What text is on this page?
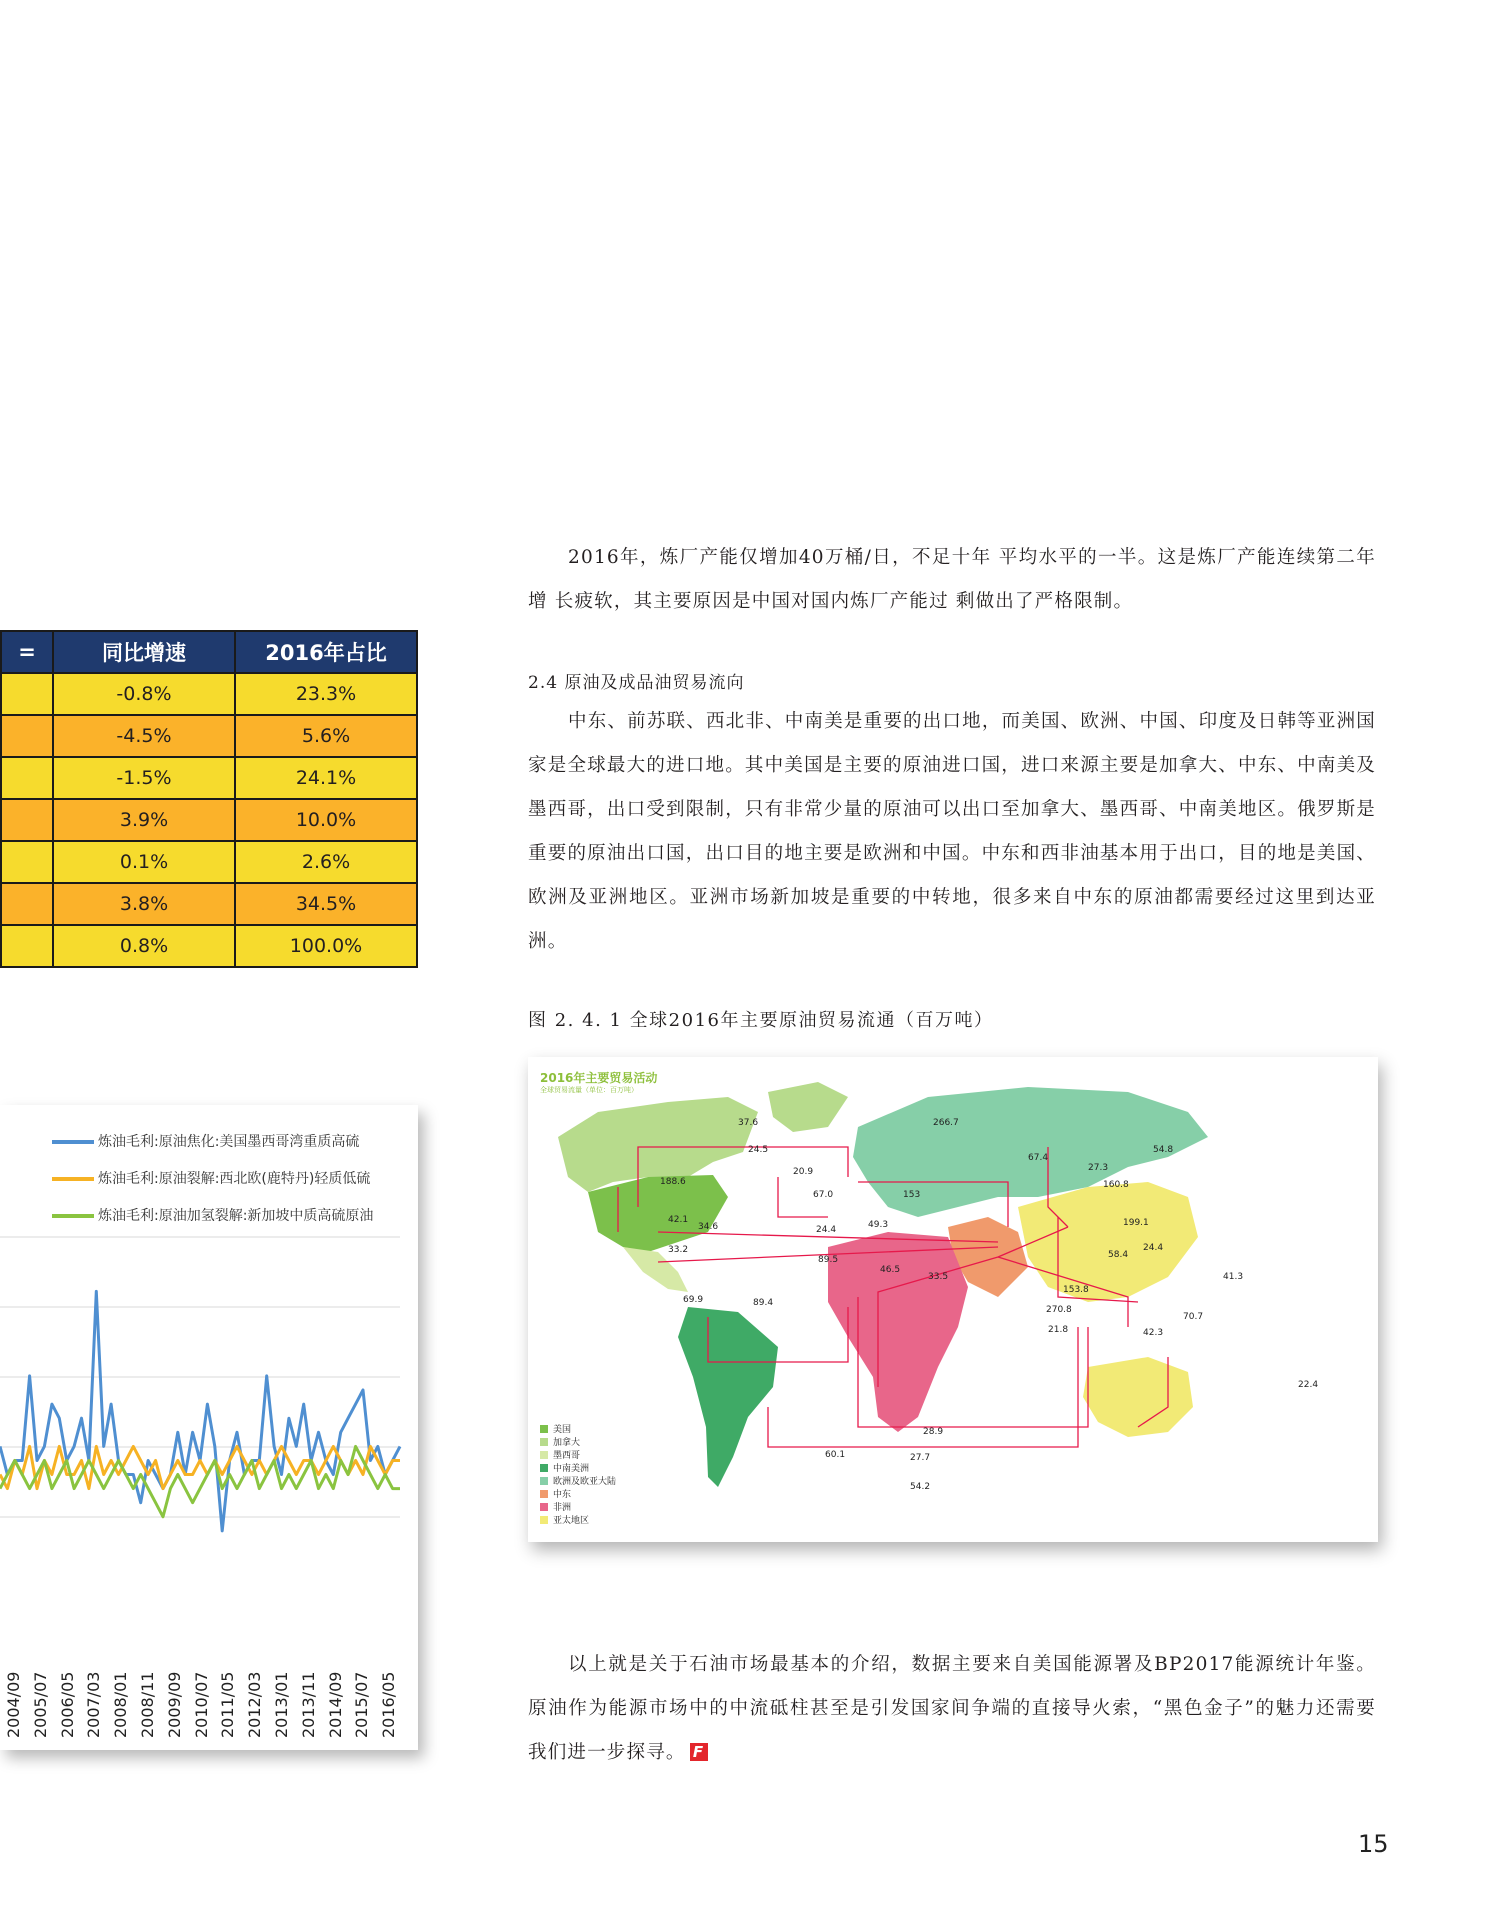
2016年，炼厂产能仅增加40万桶/日，不足十年 平均水平的一半。这是炼厂产能连续第二年增 长疲软，其主要原因是中国对国内炼厂产能过 剩做出了严格限制。

2.4 原油及成品油贸易流向

中东、前苏联、西北非、中南美是重要的出口地，而美国、欧洲、中国、印度及日韩等亚洲国家是全球最大的进口地。其中美国是主要的原油进口国，进口来源主要是加拿大、中东、中南美及墨西哥，出口受到限制，只有非常少量的原油可以出口至加拿大、墨西哥、中南美地区。俄罗斯是重要的原油出口国，出口目的地主要是欧洲和中国。中东和西非油基本用于出口，目的地是美国、欧洲及亚洲地区。亚洲市场新加坡是重要的中转地，很多来自中东的原油都需要经过这里到达亚洲。

图 2. 4. 1 全球2016年主要原油贸易流通（百万吨）
2016年主要贸易活动
全球贸易流量（单位：百万吨）
37.6
24.5
266.7
54.8
67.4
27.3
20.9
160.8
67.0
188.6
153
42.1
34.6	49.3	199.1
24.4
33.2	58.4
24.4
89.5
46.5
33.5	41.3
69.9	89.4
153.8
270.8
70.7
21.8	42.3
22.4
28.9
60.1	27.7
54.2
美国
加拿大
墨西哥
中南美洲
欧洲及欧亚大陆
中东
非洲
亚太地区

以上就是关于石油市场最基本的介绍，数据主要来自美国能源署及BP2017能源统计年鉴。原油作为能源市场中的中流砥柱甚至是引发国家间争端的直接导火索，“黑色金子”的魅力还需要我们进一步探寻。 F

=	同比增速	2016年占比
	-0.8%	23.3%
	-4.5%	5.6%
	-1.5%	24.1%
	3.9%	10.0%
	0.1%	2.6%
	3.8%	34.5%
	0.8%	100.0%
炼油毛利:原油焦化:美国墨西哥湾重质高硫
炼油毛利:原油裂解:西北欧(鹿特丹)轻质低硫
炼油毛利:原油加氢裂解:新加坡中质高硫原油
2004/09 2005/07 2006/05 2007/03 2008/01 2008/11 2009/09 2010/07 2011/05 2012/03 2013/01 2013/11 2014/09 2015/07 2016/05
15
